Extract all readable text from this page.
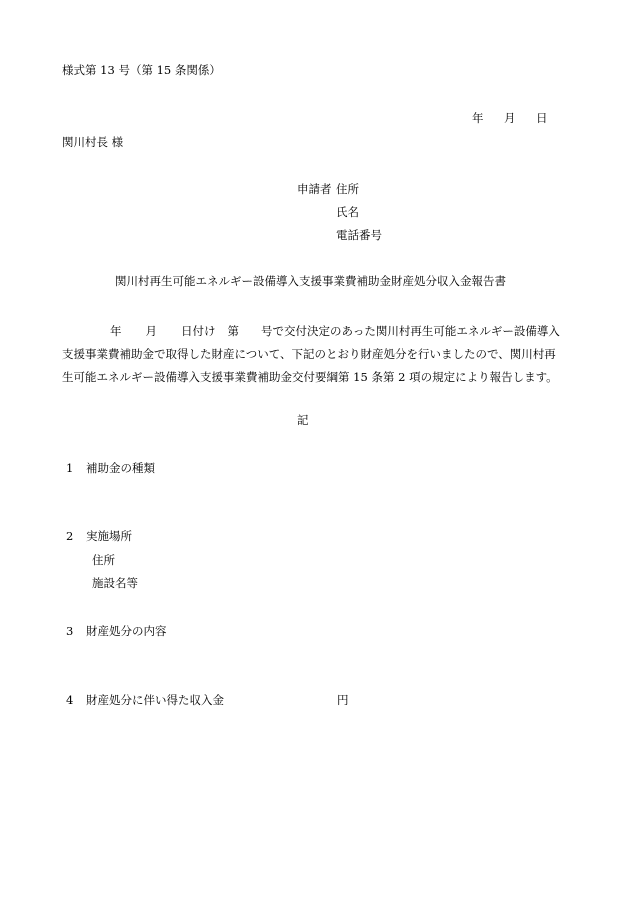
様式第 13 号（第 15 条関係）
年 月 日
関川村長 様
申請者 住所
氏名
電話番号
関川村再生可能エネルギー設備導入支援事業費補助金財産処分収入金報告書
年 月 日付け 第 号で交付決定のあった関川村再生可能エネルギー設備導入
支援事業費補助金で取得した財産について、下記のとおり財産処分を行いましたので、関川村再
生可能エネルギー設備導入支援事業費補助金交付要綱第 15 条第 2 項の規定により報告します。
記
1 補助金の種類
2 実施場所
住所
施設名等
3 財産処分の内容
4 財産処分に伴い得た収入金	円
